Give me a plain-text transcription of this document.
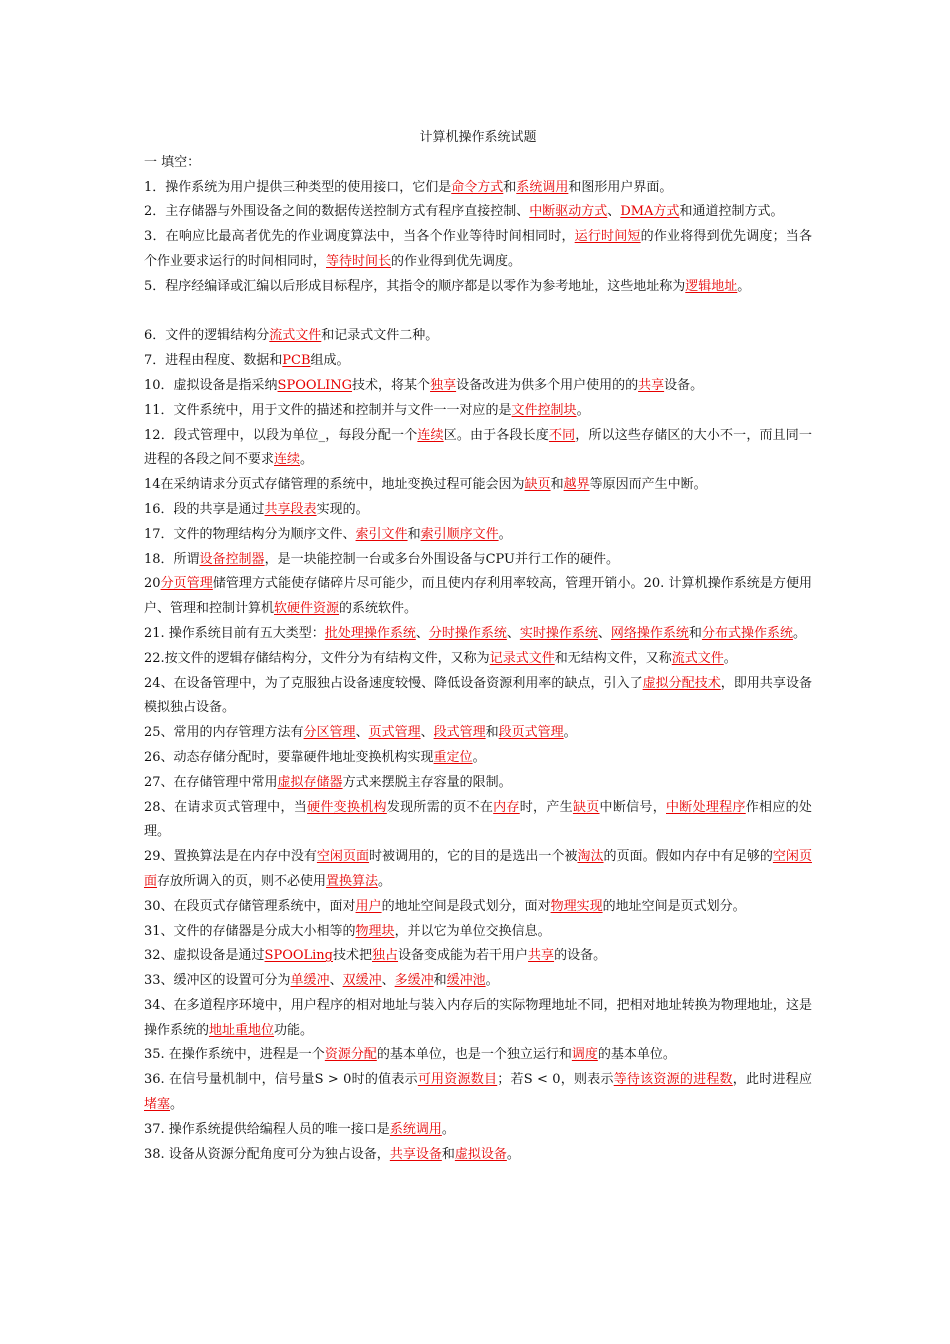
计算机操作系统试题

一 填空：

1．操作系统为用户提供三种类型的使用接口，它们是命令方式和系统调用和图形用户界面。

2．主存储器与外围设备之间的数据传送控制方式有程序直接控制、中断驱动方式、DMA方式和通道控制方式。

3．在响应比最高者优先的作业调度算法中，当各个作业等待时间相同时，运行时间短的作业将得到优先调度；当各个作业要求运行的时间相同时，等待时间长的作业得到优先调度。

5．程序经编译或汇编以后形成目标程序，其指令的顺序都是以零作为参考地址，这些地址称为逻辑地址。

6．文件的逻辑结构分流式文件和记录式文件二种。

7．进程由程度、数据和PCB组成。

10．虚拟设备是指采纳SPOOLING技术，将某个独享设备改进为供多个用户使用的的共享设备。

11．文件系统中，用于文件的描述和控制并与文件一一对应的是文件控制块。

12．段式管理中，以段为单位_，每段分配一个连续区。由于各段长度不同，所以这些存储区的大小不一，而且同一进程的各段之间不要求连续。

14在采纳请求分页式存储管理的系统中，地址变换过程可能会因为缺页和越界等原因而产生中断。

16．段的共享是通过共享段表实现的。

17．文件的物理结构分为顺序文件、索引文件和索引顺序文件。

18．所谓设备控制器，是一块能控制一台或多台外围设备与CPU并行工作的硬件。

20分页管理储管理方式能使存储碎片尽可能少，而且使内存利用率较高，管理开销小。20. 计算机操作系统是方便用户、管理和控制计算机软硬件资源的系统软件。

21. 操作系统目前有五大类型：批处理操作系统、分时操作系统、实时操作系统、网络操作系统和分布式操作系统。

22.按文件的逻辑存储结构分，文件分为有结构文件，又称为记录式文件和无结构文件，又称流式文件。

24、在设备管理中，为了克服独占设备速度较慢、降低设备资源利用率的缺点，引入了虚拟分配技术，即用共享设备模拟独占设备。

25、常用的内存管理方法有分区管理、页式管理、段式管理和段页式管理。

26、动态存储分配时，要靠硬件地址变换机构实现重定位。

27、在存储管理中常用虚拟存储器方式来摆脱主存容量的限制。

28、在请求页式管理中，当硬件变换机构发现所需的页不在内存时，产生缺页中断信号，中断处理程序作相应的处理。

29、置换算法是在内存中没有空闲页面时被调用的，它的目的是选出一个被淘汰的页面。假如内存中有足够的空闲页面存放所调入的页，则不必使用置换算法。

30、在段页式存储管理系统中，面对用户的地址空间是段式划分，面对物理实现的地址空间是页式划分。

31、文件的存储器是分成大小相等的物理块，并以它为单位交换信息。

32、虚拟设备是通过SPOOLing技术把独占设备变成能为若干用户共享的设备。

33、缓冲区的设置可分为单缓冲、双缓冲、多缓冲和缓冲池。

34、在多道程序环境中，用户程序的相对地址与装入内存后的实际物理地址不同，把相对地址转换为物理地址，这是操作系统的地址重地位功能。

35. 在操作系统中，进程是一个资源分配的基本单位，也是一个独立运行和调度的基本单位。

36. 在信号量机制中，信号量S > 0时的值表示可用资源数目；若S < 0，则表示等待该资源的进程数，此时进程应堵塞。

37. 操作系统提供给编程人员的唯一接口是系统调用。

38. 设备从资源分配角度可分为独占设备，共享设备和虚拟设备。
